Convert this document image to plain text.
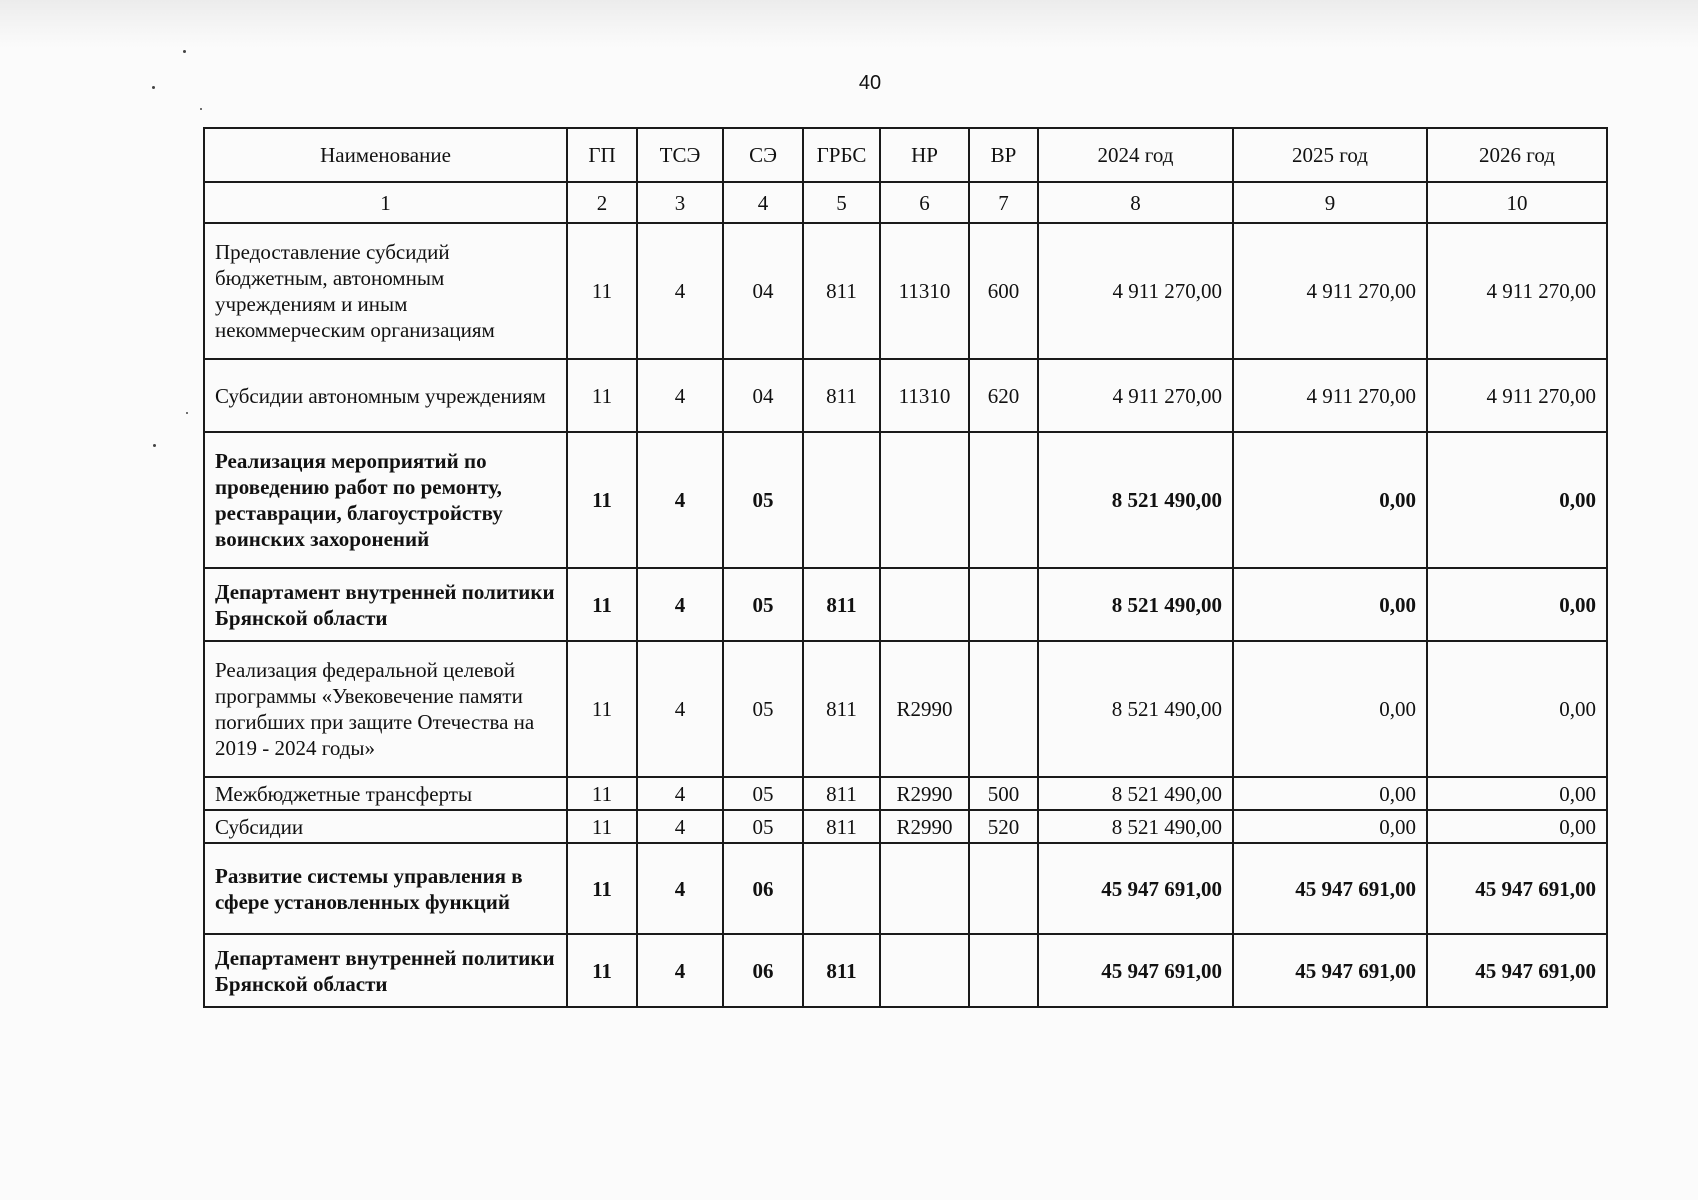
40
Наименование	ГП	ТСЭ	СЭ	ГРБС	НР	ВР	2024 год	2025 год	2026 год
1	2	3	4	5	6	7	8	9	10
Предоставление субсидий бюджетным, автономным учреждениям и иным некоммерческим организациям	11	4	04	811	11310	600	4 911 270,00	4 911 270,00	4 911 270,00
Субсидии автономным учреждениям	11	4	04	811	11310	620	4 911 270,00	4 911 270,00	4 911 270,00
Реализация мероприятий по проведению работ по ремонту, реставрации, благоустройству воинских захоронений	11	4	05				8 521 490,00	0,00	0,00
Департамент внутренней политики Брянской области	11	4	05	811			8 521 490,00	0,00	0,00
Реализация федеральной целевой программы «Увековечение памяти погибших при защите Отечества на 2019 - 2024 годы»	11	4	05	811	R2990		8 521 490,00	0,00	0,00
Межбюджетные трансферты	11	4	05	811	R2990	500	8 521 490,00	0,00	0,00
Субсидии	11	4	05	811	R2990	520	8 521 490,00	0,00	0,00
Развитие системы управления в сфере установленных функций	11	4	06				45 947 691,00	45 947 691,00	45 947 691,00
Департамент внутренней политики Брянской области	11	4	06	811			45 947 691,00	45 947 691,00	45 947 691,00
